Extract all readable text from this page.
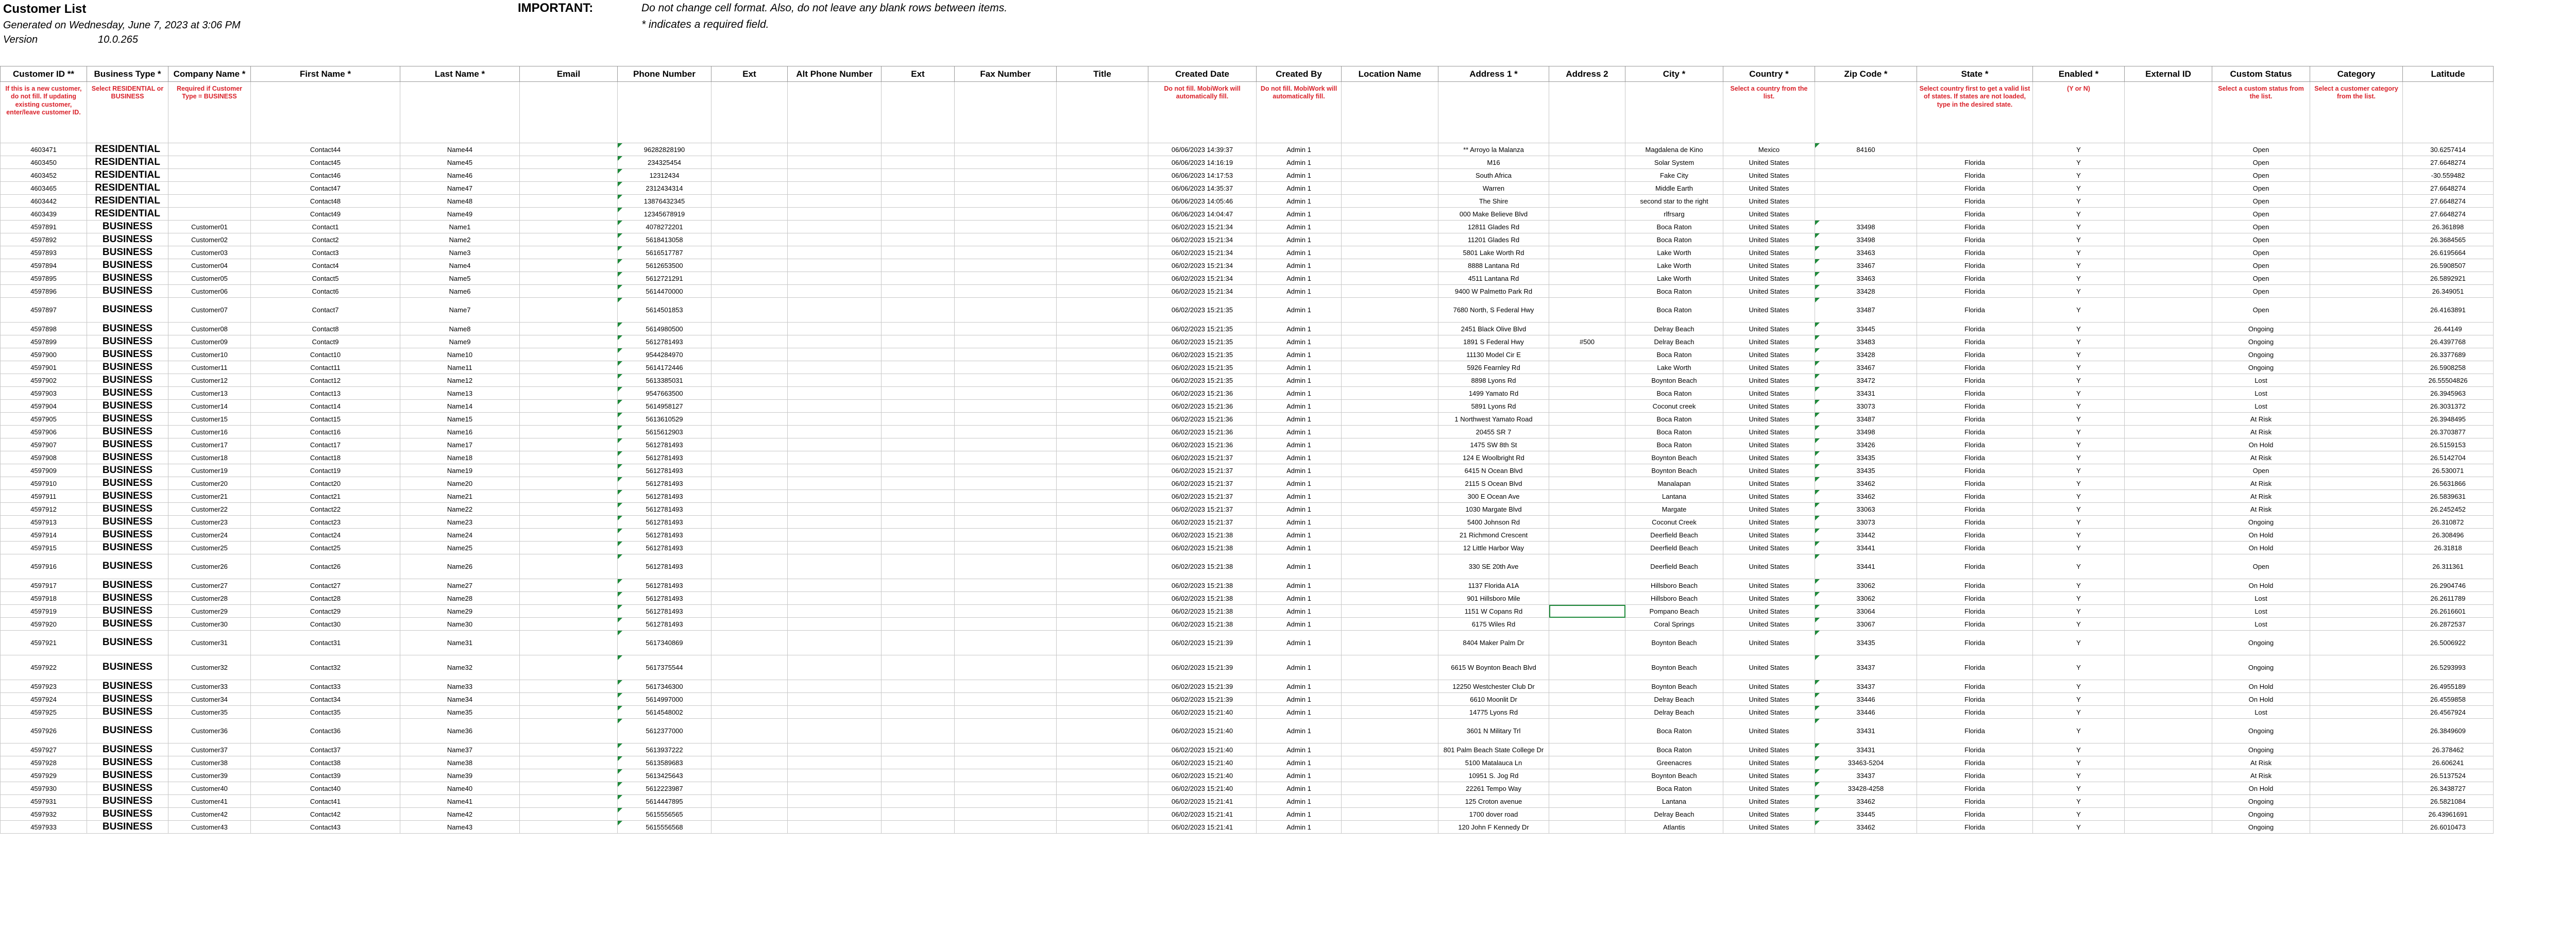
Customer List
Generated on Wednesday, June 7, 2023 at 3:06 PM
Version	10.0.265
IMPORTANT:	Do not change cell format. Also, do not leave any blank rows between items.
* indicates a required field.
Customer ID **	Business Type *	Company Name *	First Name *	Last Name *	Email	Phone Number	Ext	Alt Phone Number	Ext	Fax Number	Title	Created Date	Created By	Location Name	Address 1 *	Address 2	City *	Country *	Zip Code *	State *	Enabled *	External ID	Custom Status	Category	Latitude
If this is a new customer, do not fill. If updating existing customer, enter/leave customer ID.	Select RESIDENTIAL or BUSINESS	Required if Customer Type = BUSINESS										Do not fill. MobiWork will automatically fill.	Do not fill. MobiWork will automatically fill.					Select a country from the list.		Select country first to get a valid list of states. If states are not loaded, type in the desired state.	(Y or N)		Select a custom status from the list.	Select a customer category from the list.	
4603471	RESIDENTIAL		Contact44	Name44		96282828190						06/06/2023 14:39:37	Admin 1		** Arroyo la Malanza		Magdalena de Kino	Mexico	84160		Y		Open		30.6257414
4603450	RESIDENTIAL		Contact45	Name45		234325454						06/06/2023 14:16:19	Admin 1		M16		Solar System	United States		Florida	Y		Open		27.6648274
4603452	RESIDENTIAL		Contact46	Name46		12312434						06/06/2023 14:17:53	Admin 1		South Africa		Fake City	United States		Florida	Y		Open		-30.559482
4603465	RESIDENTIAL		Contact47	Name47		2312434314						06/06/2023 14:35:37	Admin 1		Warren		Middle Earth	United States		Florida	Y		Open		27.6648274
4603442	RESIDENTIAL		Contact48	Name48		13876432345						06/06/2023 14:05:46	Admin 1		The Shire		second star to the right	United States		Florida	Y		Open		27.6648274
4603439	RESIDENTIAL		Contact49	Name49		12345678919						06/06/2023 14:04:47	Admin 1		000 Make Believe Blvd		rlfrsarg	United States		Florida	Y		Open		27.6648274
4597891	BUSINESS	Customer01	Contact1	Name1		4078272201						06/02/2023 15:21:34	Admin 1		12811 Glades Rd		Boca Raton	United States	33498	Florida	Y		Open		26.361898
4597892	BUSINESS	Customer02	Contact2	Name2		5618413058						06/02/2023 15:21:34	Admin 1		11201 Glades Rd		Boca Raton	United States	33498	Florida	Y		Open		26.3684565
4597893	BUSINESS	Customer03	Contact3	Name3		5616517787						06/02/2023 15:21:34	Admin 1		5801 Lake Worth Rd		Lake Worth	United States	33463	Florida	Y		Open		26.6195664
4597894	BUSINESS	Customer04	Contact4	Name4		5612653500						06/02/2023 15:21:34	Admin 1		8888 Lantana Rd		Lake Worth	United States	33467	Florida	Y		Open		26.5908507
4597895	BUSINESS	Customer05	Contact5	Name5		5612721291						06/02/2023 15:21:34	Admin 1		4511 Lantana Rd		Lake Worth	United States	33463	Florida	Y		Open		26.5892921
4597896	BUSINESS	Customer06	Contact6	Name6		5614470000						06/02/2023 15:21:34	Admin 1		9400 W Palmetto Park Rd		Boca Raton	United States	33428	Florida	Y		Open		26.349051
4597897	BUSINESS	Customer07	Contact7	Name7		5614501853						06/02/2023 15:21:35	Admin 1		7680 North, S Federal Hwy		Boca Raton	United States	33487	Florida	Y		Open		26.4163891
4597898	BUSINESS	Customer08	Contact8	Name8		5614980500						06/02/2023 15:21:35	Admin 1		2451 Black Olive Blvd		Delray Beach	United States	33445	Florida	Y		Ongoing		26.44149
4597899	BUSINESS	Customer09	Contact9	Name9		5612781493						06/02/2023 15:21:35	Admin 1		1891 S Federal Hwy	#500	Delray Beach	United States	33483	Florida	Y		Ongoing		26.4397768
4597900	BUSINESS	Customer10	Contact10	Name10		9544284970						06/02/2023 15:21:35	Admin 1		11130 Model Cir E		Boca Raton	United States	33428	Florida	Y		Ongoing		26.3377689
4597901	BUSINESS	Customer11	Contact11	Name11		5614172446						06/02/2023 15:21:35	Admin 1		5926 Fearnley Rd		Lake Worth	United States	33467	Florida	Y		Ongoing		26.5908258
4597902	BUSINESS	Customer12	Contact12	Name12		5613385031						06/02/2023 15:21:35	Admin 1		8898 Lyons Rd		Boynton Beach	United States	33472	Florida	Y		Lost		26.55504826
4597903	BUSINESS	Customer13	Contact13	Name13		9547663500						06/02/2023 15:21:36	Admin 1		1499 Yamato Rd		Boca Raton	United States	33431	Florida	Y		Lost		26.3945963
4597904	BUSINESS	Customer14	Contact14	Name14		5614958127						06/02/2023 15:21:36	Admin 1		5891 Lyons Rd		Coconut creek	United States	33073	Florida	Y		Lost		26.3031372
4597905	BUSINESS	Customer15	Contact15	Name15		5613610529						06/02/2023 15:21:36	Admin 1		1 Northwest Yamato Road		Boca Raton	United States	33487	Florida	Y		At Risk		26.3948495
4597906	BUSINESS	Customer16	Contact16	Name16		5615612903						06/02/2023 15:21:36	Admin 1		20455 SR 7		Boca Raton	United States	33498	Florida	Y		At Risk		26.3703877
4597907	BUSINESS	Customer17	Contact17	Name17		5612781493						06/02/2023 15:21:36	Admin 1		1475 SW 8th St		Boca Raton	United States	33426	Florida	Y		On Hold		26.5159153
4597908	BUSINESS	Customer18	Contact18	Name18		5612781493						06/02/2023 15:21:37	Admin 1		124 E Woolbright Rd		Boynton Beach	United States	33435	Florida	Y		At Risk		26.5142704
4597909	BUSINESS	Customer19	Contact19	Name19		5612781493						06/02/2023 15:21:37	Admin 1		6415 N Ocean Blvd		Boynton Beach	United States	33435	Florida	Y		Open		26.530071
4597910	BUSINESS	Customer20	Contact20	Name20		5612781493						06/02/2023 15:21:37	Admin 1		2115 S Ocean Blvd		Manalapan	United States	33462	Florida	Y		At Risk		26.5631866
4597911	BUSINESS	Customer21	Contact21	Name21		5612781493						06/02/2023 15:21:37	Admin 1		300 E Ocean Ave		Lantana	United States	33462	Florida	Y		At Risk		26.5839631
4597912	BUSINESS	Customer22	Contact22	Name22		5612781493						06/02/2023 15:21:37	Admin 1		1030 Margate Blvd		Margate	United States	33063	Florida	Y		At Risk		26.2452452
4597913	BUSINESS	Customer23	Contact23	Name23		5612781493						06/02/2023 15:21:37	Admin 1		5400 Johnson Rd		Coconut Creek	United States	33073	Florida	Y		Ongoing		26.310872
4597914	BUSINESS	Customer24	Contact24	Name24		5612781493						06/02/2023 15:21:38	Admin 1		21 Richmond Crescent		Deerfield Beach	United States	33442	Florida	Y		On Hold		26.308496
4597915	BUSINESS	Customer25	Contact25	Name25		5612781493						06/02/2023 15:21:38	Admin 1		12 Little Harbor Way		Deerfield Beach	United States	33441	Florida	Y		On Hold		26.31818
4597916	BUSINESS	Customer26	Contact26	Name26		5612781493						06/02/2023 15:21:38	Admin 1		330 SE 20th Ave		Deerfield Beach	United States	33441	Florida	Y		Open		26.311361
4597917	BUSINESS	Customer27	Contact27	Name27		5612781493						06/02/2023 15:21:38	Admin 1		1137 Florida A1A		Hillsboro Beach	United States	33062	Florida	Y		On Hold		26.2904746
4597918	BUSINESS	Customer28	Contact28	Name28		5612781493						06/02/2023 15:21:38	Admin 1		901 Hillsboro Mile		Hillsboro Beach	United States	33062	Florida	Y		Lost		26.2611789
4597919	BUSINESS	Customer29	Contact29	Name29		5612781493						06/02/2023 15:21:38	Admin 1		1151 W Copans Rd		Pompano Beach	United States	33064	Florida	Y		Lost		26.2616601
4597920	BUSINESS	Customer30	Contact30	Name30		5612781493						06/02/2023 15:21:38	Admin 1		6175 Wiles Rd		Coral Springs	United States	33067	Florida	Y		Lost		26.2872537
4597921	BUSINESS	Customer31	Contact31	Name31		5617340869						06/02/2023 15:21:39	Admin 1		8404 Maker Palm Dr		Boynton Beach	United States	33435	Florida	Y		Ongoing		26.5006922
4597922	BUSINESS	Customer32	Contact32	Name32		5617375544						06/02/2023 15:21:39	Admin 1		6615 W Boynton Beach Blvd		Boynton Beach	United States	33437	Florida	Y		Ongoing		26.5293993
4597923	BUSINESS	Customer33	Contact33	Name33		5617346300						06/02/2023 15:21:39	Admin 1		12250 Westchester Club Dr		Boynton Beach	United States	33437	Florida	Y		On Hold		26.4955189
4597924	BUSINESS	Customer34	Contact34	Name34		5614997000						06/02/2023 15:21:39	Admin 1		6610 Moonlit Dr		Delray Beach	United States	33446	Florida	Y		On Hold		26.4559858
4597925	BUSINESS	Customer35	Contact35	Name35		5614548002						06/02/2023 15:21:40	Admin 1		14775 Lyons Rd		Delray Beach	United States	33446	Florida	Y		Lost		26.4567924
4597926	BUSINESS	Customer36	Contact36	Name36		5612377000						06/02/2023 15:21:40	Admin 1		3601 N Military Trl		Boca Raton	United States	33431	Florida	Y		Ongoing		26.3849609
4597927	BUSINESS	Customer37	Contact37	Name37		5613937222						06/02/2023 15:21:40	Admin 1		801 Palm Beach State College Dr		Boca Raton	United States	33431	Florida	Y		Ongoing		26.378462
4597928	BUSINESS	Customer38	Contact38	Name38		5613589683						06/02/2023 15:21:40	Admin 1		5100 Matalauca Ln		Greenacres	United States	33463-5204	Florida	Y		At Risk		26.606241
4597929	BUSINESS	Customer39	Contact39	Name39		5613425643						06/02/2023 15:21:40	Admin 1		10951 S. Jog Rd		Boynton Beach	United States	33437	Florida	Y		At Risk		26.5137524
4597930	BUSINESS	Customer40	Contact40	Name40		5612223987						06/02/2023 15:21:40	Admin 1		22261 Tempo Way		Boca Raton	United States	33428-4258	Florida	Y		On Hold		26.3438727
4597931	BUSINESS	Customer41	Contact41	Name41		5614447895						06/02/2023 15:21:41	Admin 1		125 Croton avenue		Lantana	United States	33462	Florida	Y		Ongoing		26.5821084
4597932	BUSINESS	Customer42	Contact42	Name42		5615556565						06/02/2023 15:21:41	Admin 1		1700 dover road		Delray Beach	United States	33445	Florida	Y		Ongoing		26.43961691
4597933	BUSINESS	Customer43	Contact43	Name43		5615556568						06/02/2023 15:21:41	Admin 1		120 John F Kennedy Dr		Atlantis	United States	33462	Florida	Y		Ongoing		26.6010473
